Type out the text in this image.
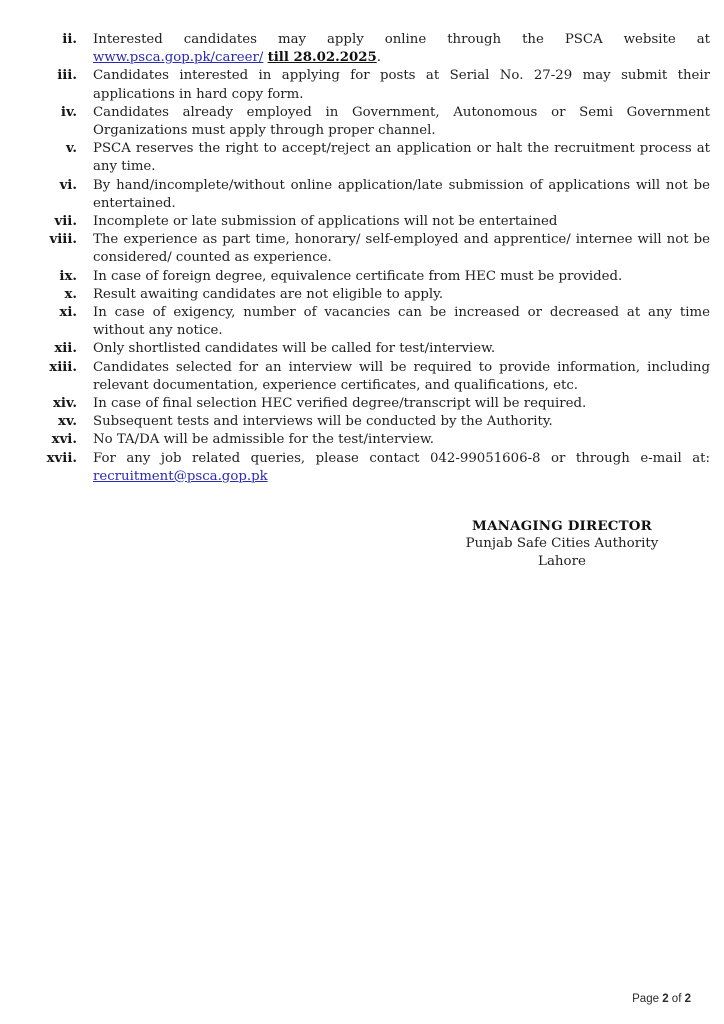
ii. Interested candidates may apply online through the PSCA website at www.psca.gop.pk/career/ till 28.02.2025.
iii. Candidates interested in applying for posts at Serial No. 27-29 may submit their applications in hard copy form.
iv. Candidates already employed in Government, Autonomous or Semi Government Organizations must apply through proper channel.
v. PSCA reserves the right to accept/reject an application or halt the recruitment process at any time.
vi. By hand/incomplete/without online application/late submission of applications will not be entertained.
vii. Incomplete or late submission of applications will not be entertained
viii. The experience as part time, honorary/ self-employed and apprentice/ internee will not be considered/ counted as experience.
ix. In case of foreign degree, equivalence certificate from HEC must be provided.
x. Result awaiting candidates are not eligible to apply.
xi. In case of exigency, number of vacancies can be increased or decreased at any time without any notice.
xii. Only shortlisted candidates will be called for test/interview.
xiii. Candidates selected for an interview will be required to provide information, including relevant documentation, experience certificates, and qualifications, etc.
xiv. In case of final selection HEC verified degree/transcript will be required.
xv. Subsequent tests and interviews will be conducted by the Authority.
xvi. No TA/DA will be admissible for the test/interview.
xvii. For any job related queries, please contact 042-99051606-8 or through e-mail at: recruitment@psca.gop.pk
MANAGING DIRECTOR
Punjab Safe Cities Authority
Lahore
Page 2 of 2
